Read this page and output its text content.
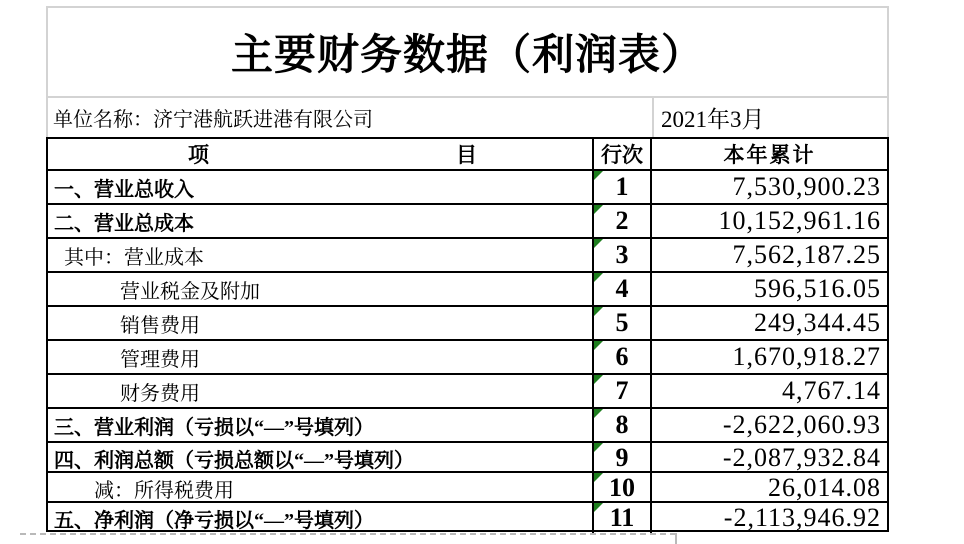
主要财务数据（利润表）
单位名称：济宁港航跃进港有限公司	2021年3月
项	目	行次	本年累计
一、营业总收入	1	7,530,900.23
二、营业总成本	2	10,152,961.16
其中：营业成本	3	7,562,187.25
营业税金及附加	4	596,516.05
销售费用	5	249,344.45
管理费用	6	1,670,918.27
财务费用	7	4,767.14
三、营业利润（亏损以“—”号填列）	8	-2,622,060.93
四、利润总额（亏损总额以“—”号填列）	9	-2,087,932.84
减：所得税费用	10	26,014.08
五、净利润（净亏损以“—”号填列）	11	-2,113,946.92
